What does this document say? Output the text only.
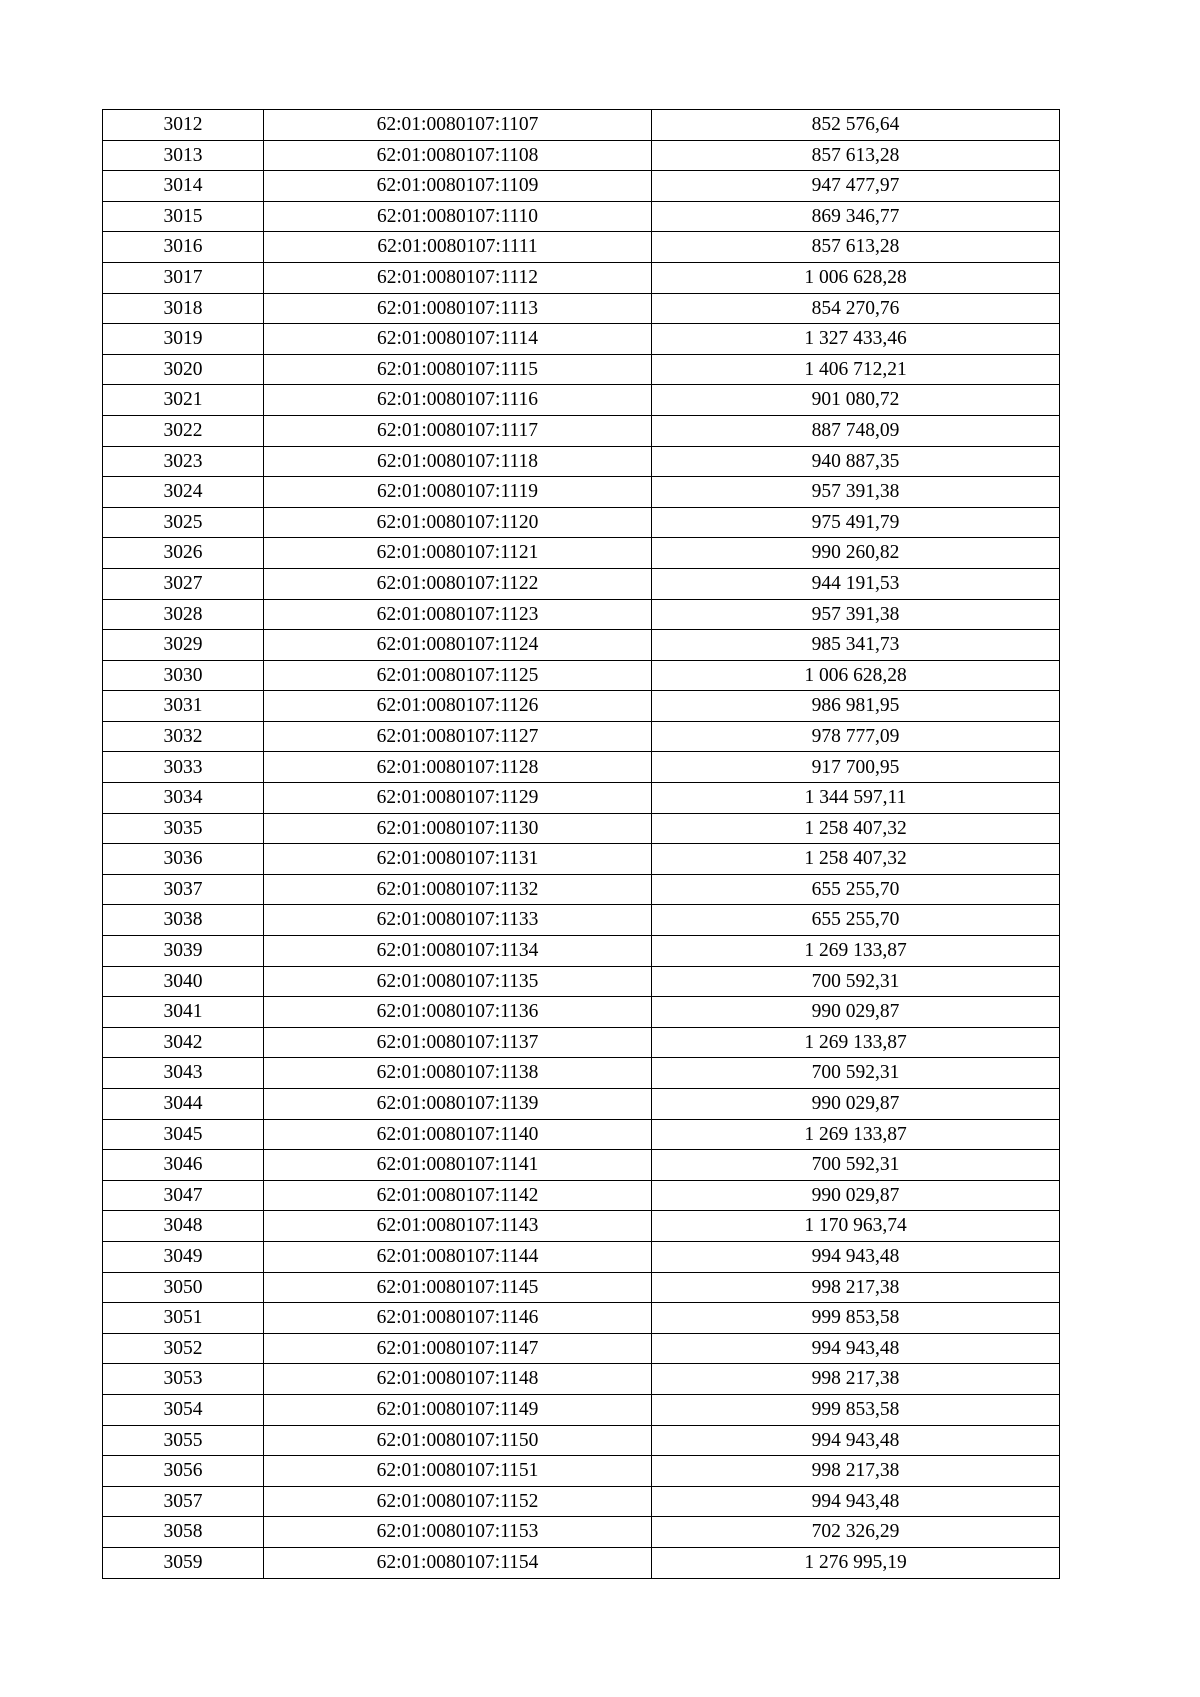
3012	62:01:0080107:1107	852 576,64
3013	62:01:0080107:1108	857 613,28
3014	62:01:0080107:1109	947 477,97
3015	62:01:0080107:1110	869 346,77
3016	62:01:0080107:1111	857 613,28
3017	62:01:0080107:1112	1 006 628,28
3018	62:01:0080107:1113	854 270,76
3019	62:01:0080107:1114	1 327 433,46
3020	62:01:0080107:1115	1 406 712,21
3021	62:01:0080107:1116	901 080,72
3022	62:01:0080107:1117	887 748,09
3023	62:01:0080107:1118	940 887,35
3024	62:01:0080107:1119	957 391,38
3025	62:01:0080107:1120	975 491,79
3026	62:01:0080107:1121	990 260,82
3027	62:01:0080107:1122	944 191,53
3028	62:01:0080107:1123	957 391,38
3029	62:01:0080107:1124	985 341,73
3030	62:01:0080107:1125	1 006 628,28
3031	62:01:0080107:1126	986 981,95
3032	62:01:0080107:1127	978 777,09
3033	62:01:0080107:1128	917 700,95
3034	62:01:0080107:1129	1 344 597,11
3035	62:01:0080107:1130	1 258 407,32
3036	62:01:0080107:1131	1 258 407,32
3037	62:01:0080107:1132	655 255,70
3038	62:01:0080107:1133	655 255,70
3039	62:01:0080107:1134	1 269 133,87
3040	62:01:0080107:1135	700 592,31
3041	62:01:0080107:1136	990 029,87
3042	62:01:0080107:1137	1 269 133,87
3043	62:01:0080107:1138	700 592,31
3044	62:01:0080107:1139	990 029,87
3045	62:01:0080107:1140	1 269 133,87
3046	62:01:0080107:1141	700 592,31
3047	62:01:0080107:1142	990 029,87
3048	62:01:0080107:1143	1 170 963,74
3049	62:01:0080107:1144	994 943,48
3050	62:01:0080107:1145	998 217,38
3051	62:01:0080107:1146	999 853,58
3052	62:01:0080107:1147	994 943,48
3053	62:01:0080107:1148	998 217,38
3054	62:01:0080107:1149	999 853,58
3055	62:01:0080107:1150	994 943,48
3056	62:01:0080107:1151	998 217,38
3057	62:01:0080107:1152	994 943,48
3058	62:01:0080107:1153	702 326,29
3059	62:01:0080107:1154	1 276 995,19
